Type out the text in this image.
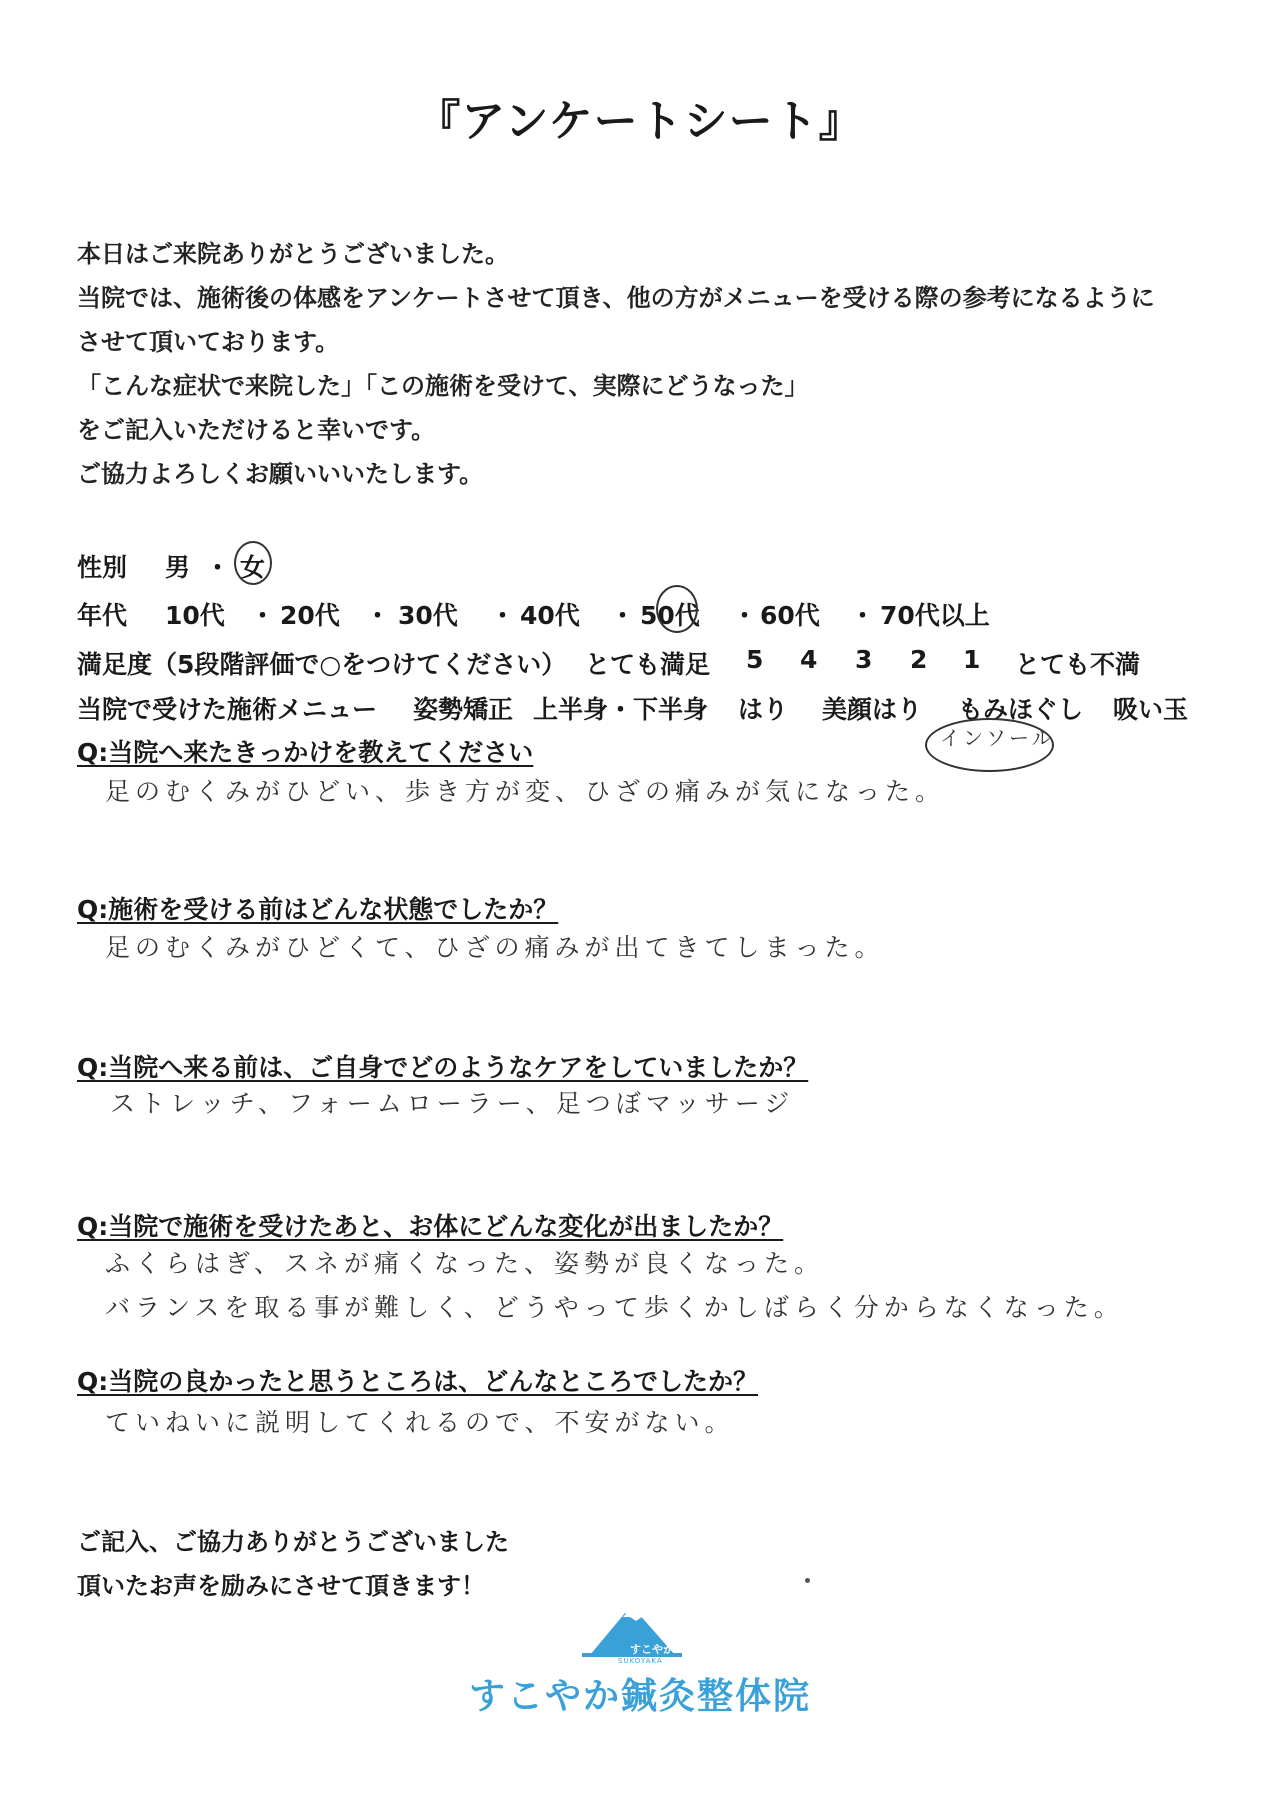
『アンケートシート』
本日はご来院ありがとうございました。
当院では、施術後の体感をアンケートさせて頂き、他の方がメニューを受ける際の参考になるように
させて頂いております。
「こんな症状で来院した」「この施術を受けて、実際にどうなった」
をご記入いただけると幸いです。
ご協力よろしくお願いいいたします。
性別 男 ・ 女
年代 10代 ・ 20代 ・ 30代 ・ 40代 ・ 50代 ・ 60代 ・ 70代以上
満足度（5段階評価で○をつけてください） とても満足 5 4 3 2 1 とても不満
当院で受けた施術メニュー 姿勢矯正 上半身・下半身 はり 美顔はり もみほぐし 吸い玉
インソール
Q:当院へ来たきっかけを教えてください
足のむくみがひどい、歩き方が変、ひざの痛みが気になった。
Q:施術を受ける前はどんな状態でしたか？
足のむくみがひどくて、ひざの痛みが出てきてしまった。
Q:当院へ来る前は、ご自身でどのようなケアをしていましたか？
ストレッチ、フォームローラー、足つぼマッサージ
Q:当院で施術を受けたあと、お体にどんな変化が出ましたか？
ふくらはぎ、スネが痛くなった、姿勢が良くなった。
バランスを取る事が難しく、どうやって歩くかしばらく分からなくなった。
Q:当院の良かったと思うところは、どんなところでしたか？
ていねいに説明してくれるので、不安がない。
ご記入、ご協力ありがとうございました
頂いたお声を励みにさせて頂きます！
すこやか
SUKOYAKA
すこやか鍼灸整体院
